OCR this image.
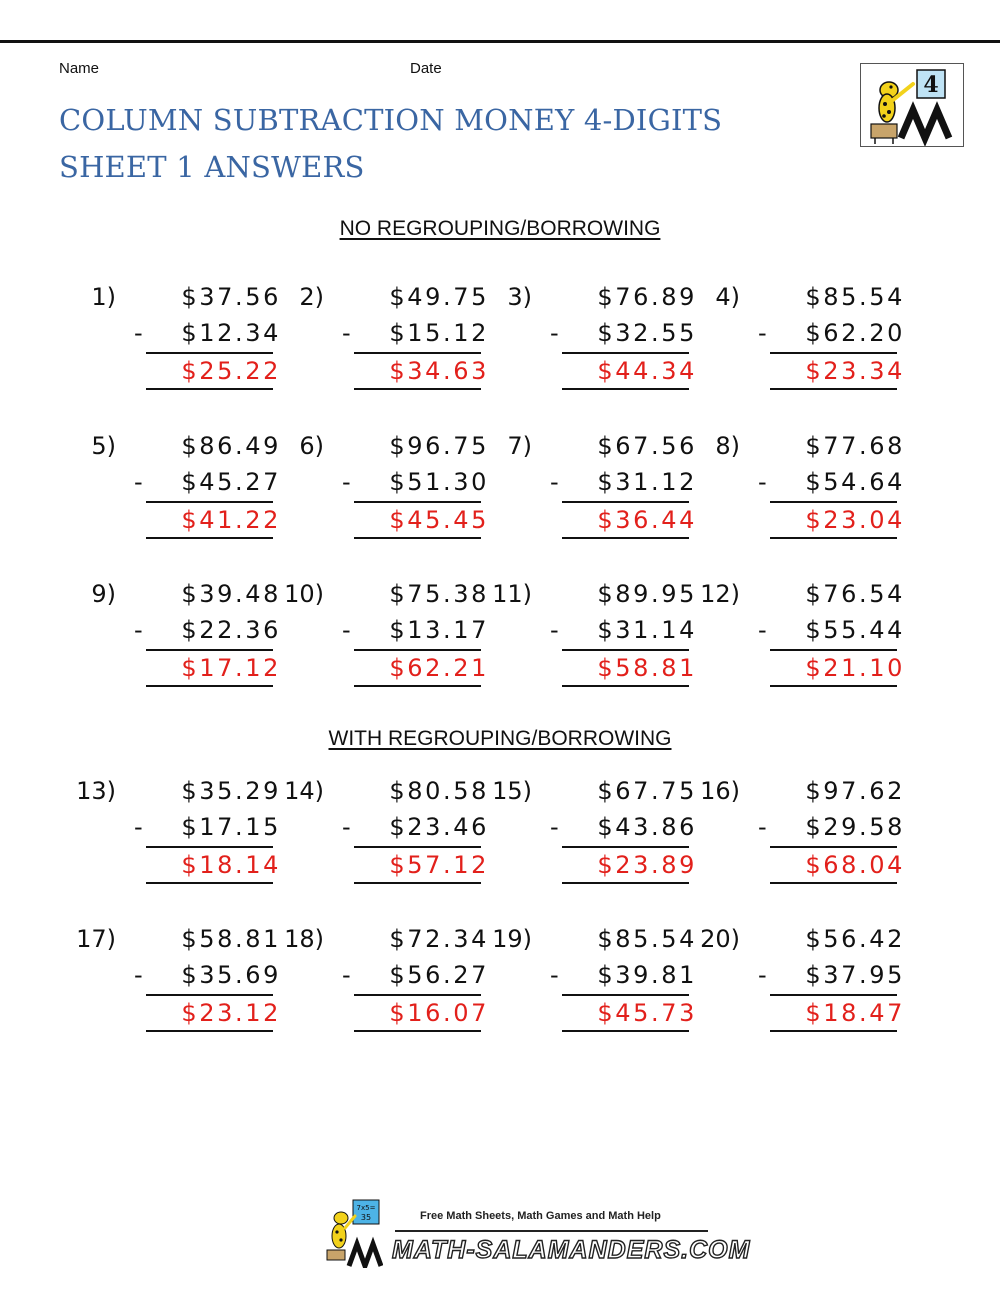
Name	Date
COLUMN SUBTRACTION MONEY 4-DIGITS
SHEET 1 ANSWERS
4
NO REGROUPING/BORROWING
WITH REGROUPING/BORROWING
1)	$37.56
-	$12.34
$25.22
2)	$49.75
-	$15.12
$34.63
3)	$76.89
-	$32.55
$44.34
4)	$85.54
-	$62.20
$23.34
5)	$86.49
-	$45.27
$41.22
6)	$96.75
-	$51.30
$45.45
7)	$67.56
-	$31.12
$36.44
8)	$77.68
-	$54.64
$23.04
9)	$39.48
-	$22.36
$17.12
10)	$75.38
-	$13.17
$62.21
11)	$89.95
-	$31.14
$58.81
12)	$76.54
-	$55.44
$21.10
13)	$35.29
-	$17.15
$18.14
14)	$80.58
-	$23.46
$57.12
15)	$67.75
-	$43.86
$23.89
16)	$97.62
-	$29.58
$68.04
17)	$58.81
-	$35.69
$23.12
18)	$72.34
-	$56.27
$16.07
19)	$85.54
-	$39.81
$45.73
20)	$56.42
-	$37.95
$18.47
7x5=
35	Free Math Sheets, Math Games and Math Help
MATH-SALAMANDERS.COM
